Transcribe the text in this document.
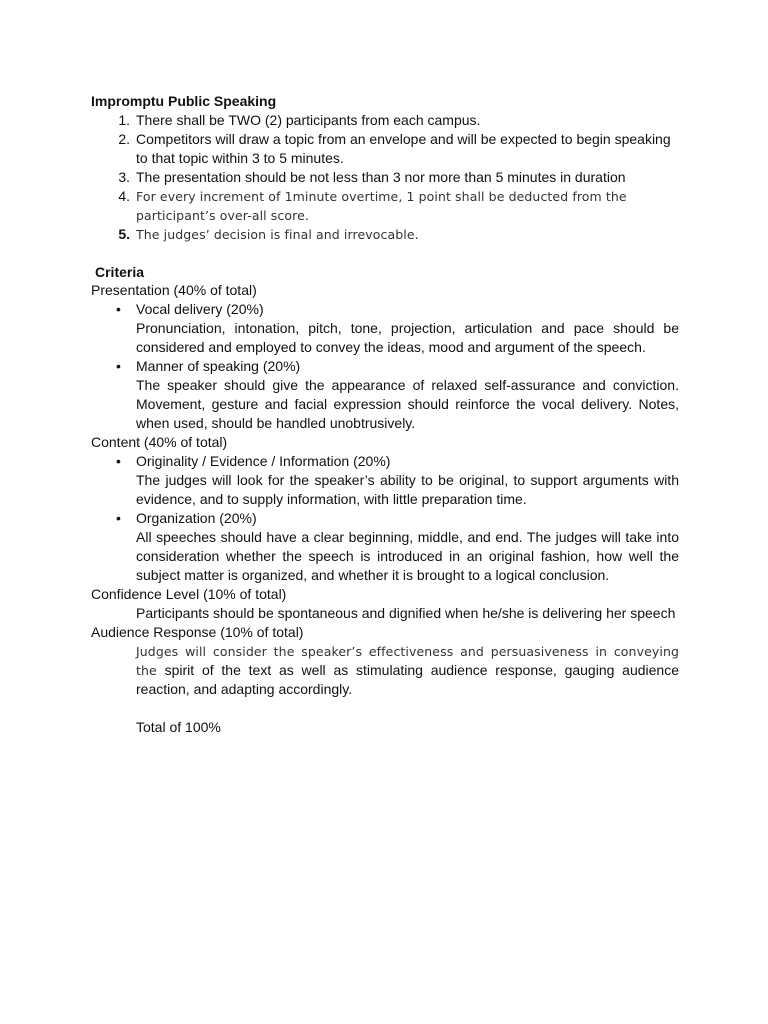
Impromptu Public Speaking
1. There shall be TWO (2) participants from each campus.
2. Competitors will draw a topic from an envelope and will be expected to begin speaking to that topic within 3 to 5 minutes.
3. The presentation should be not less than 3 nor more than 5 minutes in duration
4. For every increment of 1minute overtime, 1 point shall be deducted from the participant’s over-all score.
5. The judges’ decision is final and irrevocable.
Criteria

Presentation (40% of total)

• Vocal delivery (20%)
Pronunciation, intonation, pitch, tone, projection, articulation and pace should be considered and employed to convey the ideas, mood and argument of the speech.
• Manner of speaking (20%)
The speaker should give the appearance of relaxed self-assurance and conviction. Movement, gesture and facial expression should reinforce the vocal delivery. Notes, when used, should be handled unobtrusively.

Content (40% of total)

• Originality / Evidence / Information (20%)
The judges will look for the speaker’s ability to be original, to support arguments with evidence, and to supply information, with little preparation time.
• Organization (20%)
All speeches should have a clear beginning, middle, and end. The judges will take into consideration whether the speech is introduced in an original fashion, how well the subject matter is organized, and whether it is brought to a logical conclusion.

Confidence Level (10% of total)

Participants should be spontaneous and dignified when he/she is delivering her speech

Audience Response (10% of total)

Judges will consider the speaker’s effectiveness and persuasiveness in conveying the spirit of the text as well as stimulating audience response, gauging audience reaction, and adapting accordingly.
Total of 100%
